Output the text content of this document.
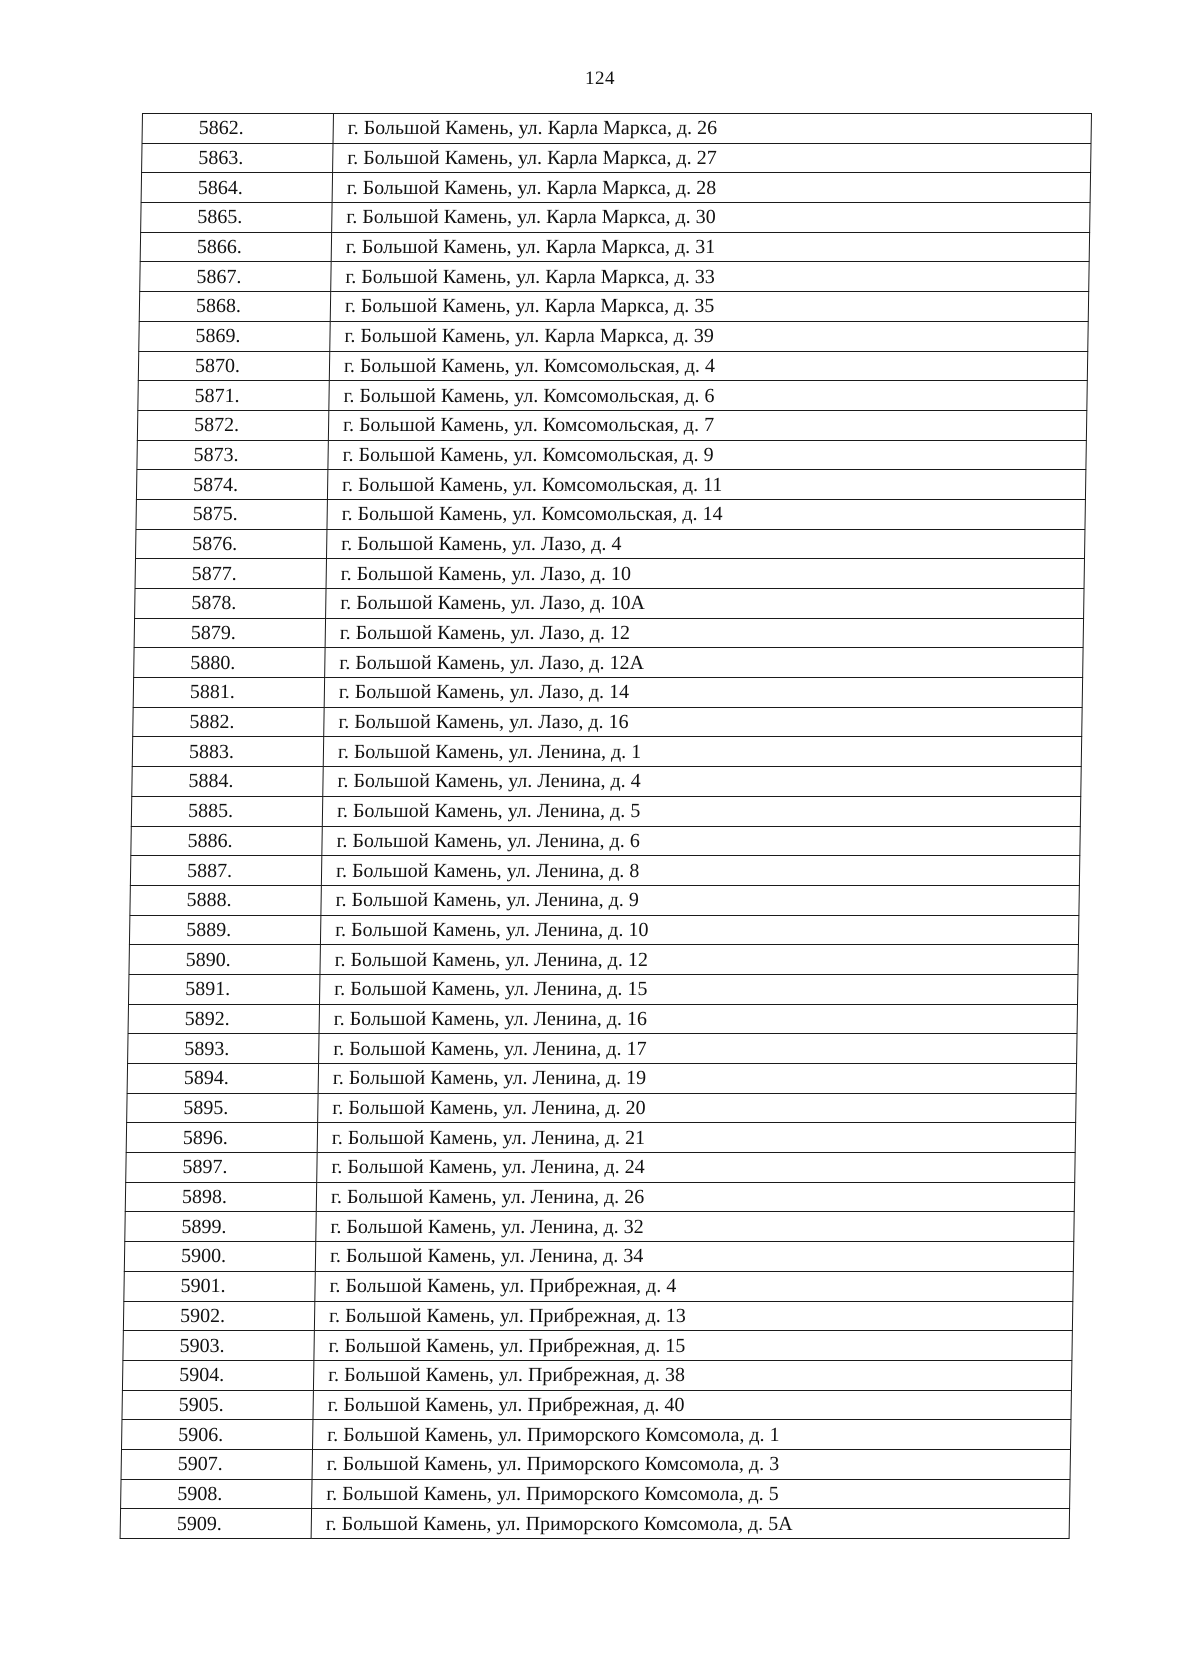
124
5862.	г. Большой Камень, ул. Карла Маркса, д. 26
5863.	г. Большой Камень, ул. Карла Маркса, д. 27
5864.	г. Большой Камень, ул. Карла Маркса, д. 28
5865.	г. Большой Камень, ул. Карла Маркса, д. 30
5866.	г. Большой Камень, ул. Карла Маркса, д. 31
5867.	г. Большой Камень, ул. Карла Маркса, д. 33
5868.	г. Большой Камень, ул. Карла Маркса, д. 35
5869.	г. Большой Камень, ул. Карла Маркса, д. 39
5870.	г. Большой Камень, ул. Комсомольская, д. 4
5871.	г. Большой Камень, ул. Комсомольская, д. 6
5872.	г. Большой Камень, ул. Комсомольская, д. 7
5873.	г. Большой Камень, ул. Комсомольская, д. 9
5874.	г. Большой Камень, ул. Комсомольская, д. 11
5875.	г. Большой Камень, ул. Комсомольская, д. 14
5876.	г. Большой Камень, ул. Лазо, д. 4
5877.	г. Большой Камень, ул. Лазо, д. 10
5878.	г. Большой Камень, ул. Лазо, д. 10А
5879.	г. Большой Камень, ул. Лазо, д. 12
5880.	г. Большой Камень, ул. Лазо, д. 12А
5881.	г. Большой Камень, ул. Лазо, д. 14
5882.	г. Большой Камень, ул. Лазо, д. 16
5883.	г. Большой Камень, ул. Ленина, д. 1
5884.	г. Большой Камень, ул. Ленина, д. 4
5885.	г. Большой Камень, ул. Ленина, д. 5
5886.	г. Большой Камень, ул. Ленина, д. 6
5887.	г. Большой Камень, ул. Ленина, д. 8
5888.	г. Большой Камень, ул. Ленина, д. 9
5889.	г. Большой Камень, ул. Ленина, д. 10
5890.	г. Большой Камень, ул. Ленина, д. 12
5891.	г. Большой Камень, ул. Ленина, д. 15
5892.	г. Большой Камень, ул. Ленина, д. 16
5893.	г. Большой Камень, ул. Ленина, д. 17
5894.	г. Большой Камень, ул. Ленина, д. 19
5895.	г. Большой Камень, ул. Ленина, д. 20
5896.	г. Большой Камень, ул. Ленина, д. 21
5897.	г. Большой Камень, ул. Ленина, д. 24
5898.	г. Большой Камень, ул. Ленина, д. 26
5899.	г. Большой Камень, ул. Ленина, д. 32
5900.	г. Большой Камень, ул. Ленина, д. 34
5901.	г. Большой Камень, ул. Прибрежная, д. 4
5902.	г. Большой Камень, ул. Прибрежная, д. 13
5903.	г. Большой Камень, ул. Прибрежная, д. 15
5904.	г. Большой Камень, ул. Прибрежная, д. 38
5905.	г. Большой Камень, ул. Прибрежная, д. 40
5906.	г. Большой Камень, ул. Приморского Комсомола, д. 1
5907.	г. Большой Камень, ул. Приморского Комсомола, д. 3
5908.	г. Большой Камень, ул. Приморского Комсомола, д. 5
5909.	г. Большой Камень, ул. Приморского Комсомола, д. 5А
